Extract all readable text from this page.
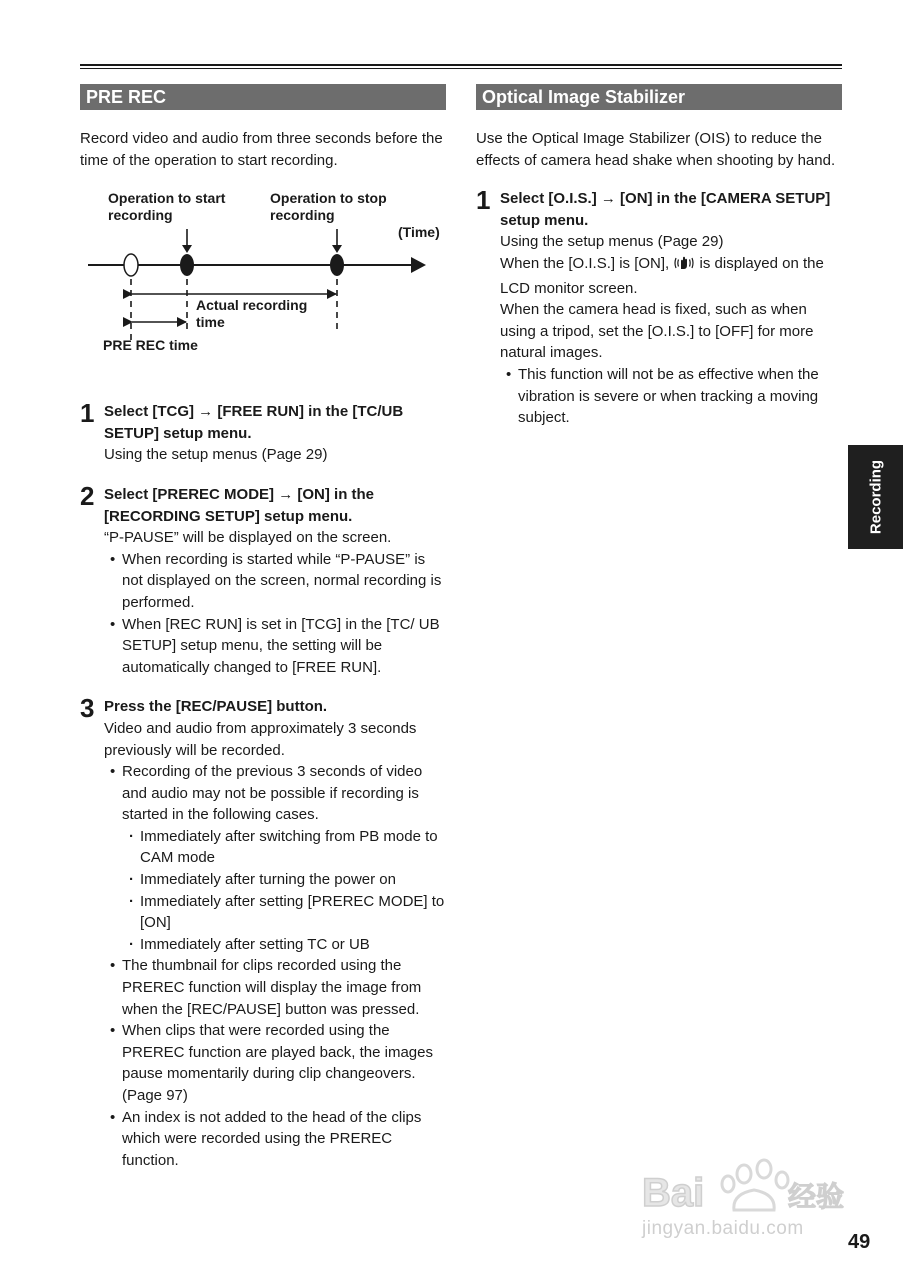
PRE REC

Record video and audio from three seconds before the time of the operation to start recording.

Operation to start recording
Operation to stop recording
(Time)
Actual recording time
PRE REC time
1 Select [TCG] → [FREE RUN] in the [TC/UB SETUP] setup menu.

Using the setup menus (Page 29)

2 Select [PREREC MODE] → [ON] in the [RECORDING SETUP] setup menu.

“P-PAUSE” will be displayed on the screen.

• When recording is started while “P-PAUSE” is not displayed on the screen, normal recording is performed.
• When [REC RUN] is set in [TCG] in the [TC/ UB SETUP] setup menu, the setting will be automatically changed to [FREE RUN].
3 Press the [REC/PAUSE] button.

Video and audio from approximately 3 seconds previously will be recorded.

• Recording of the previous 3 seconds of video and audio may not be possible if recording is started in the following cases.
· Immediately after switching from PB mode to CAM mode
· Immediately after turning the power on
· Immediately after setting [PREREC MODE] to [ON]
· Immediately after setting TC or UB
• The thumbnail for clips recorded using the PREREC function will display the image from when the [REC/PAUSE] button was pressed.
• When clips that were recorded using the PREREC function are played back, the images pause momentarily during clip changeovers. (Page 97)
• An index is not added to the head of the clips which were recorded using the PREREC function.
Optical Image Stabilizer

Use the Optical Image Stabilizer (OIS) to reduce the effects of camera head shake when shooting by hand.

1 Select [O.I.S.] → [ON] in the [CAMERA SETUP] setup menu.

Using the setup menus (Page 29)

When the [O.I.S.] is [ON],  is displayed on the LCD monitor screen.

When the camera head is fixed, such as when using a tripod, set the [O.I.S.] to [OFF] for more natural images.

• This function will not be as effective when the vibration is severe or when tracking a moving subject.
Recording
Bai	经验
jingyan.baidu.com
49
